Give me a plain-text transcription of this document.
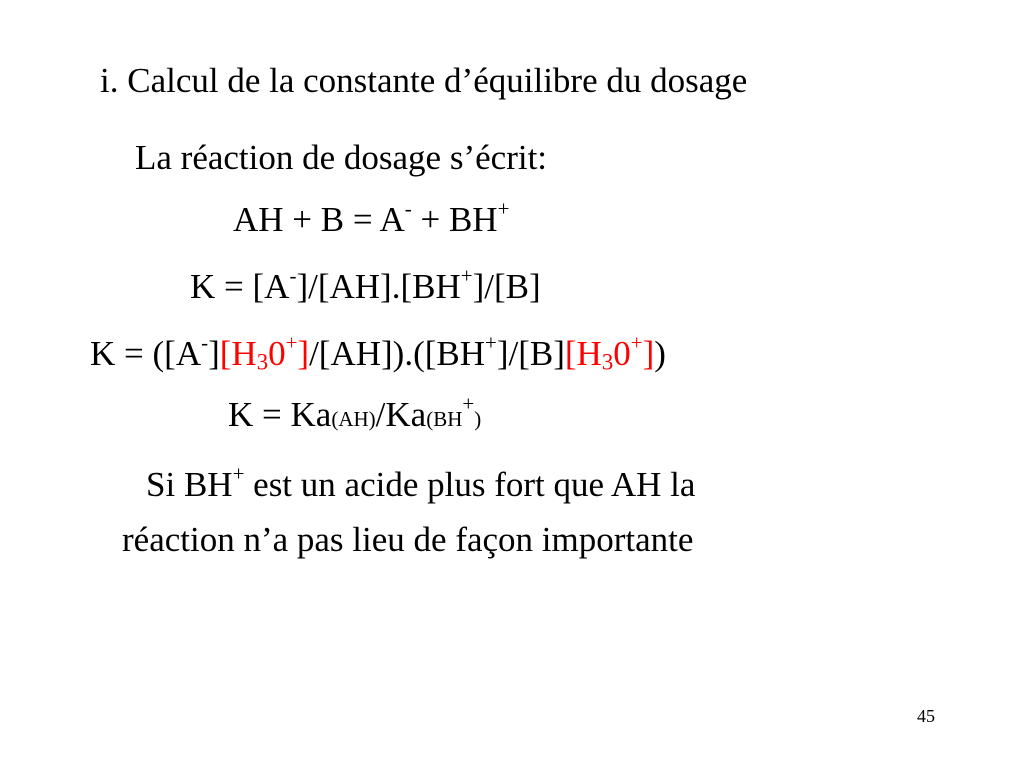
i. Calcul de la constante d’équilibre du dosage
La réaction de dosage s’écrit:
AH + B = A- + BH+
K = [A-]/[AH].[BH+]/[B]
$K = ([A^-][H_30^+]/[AH]).([BH^+]/[B][H_30^+])$
K = Ka(AH)/Ka(BH+)
Si BH+ est un acide plus fort que AH la
réaction n’a pas lieu de façon importante
45
